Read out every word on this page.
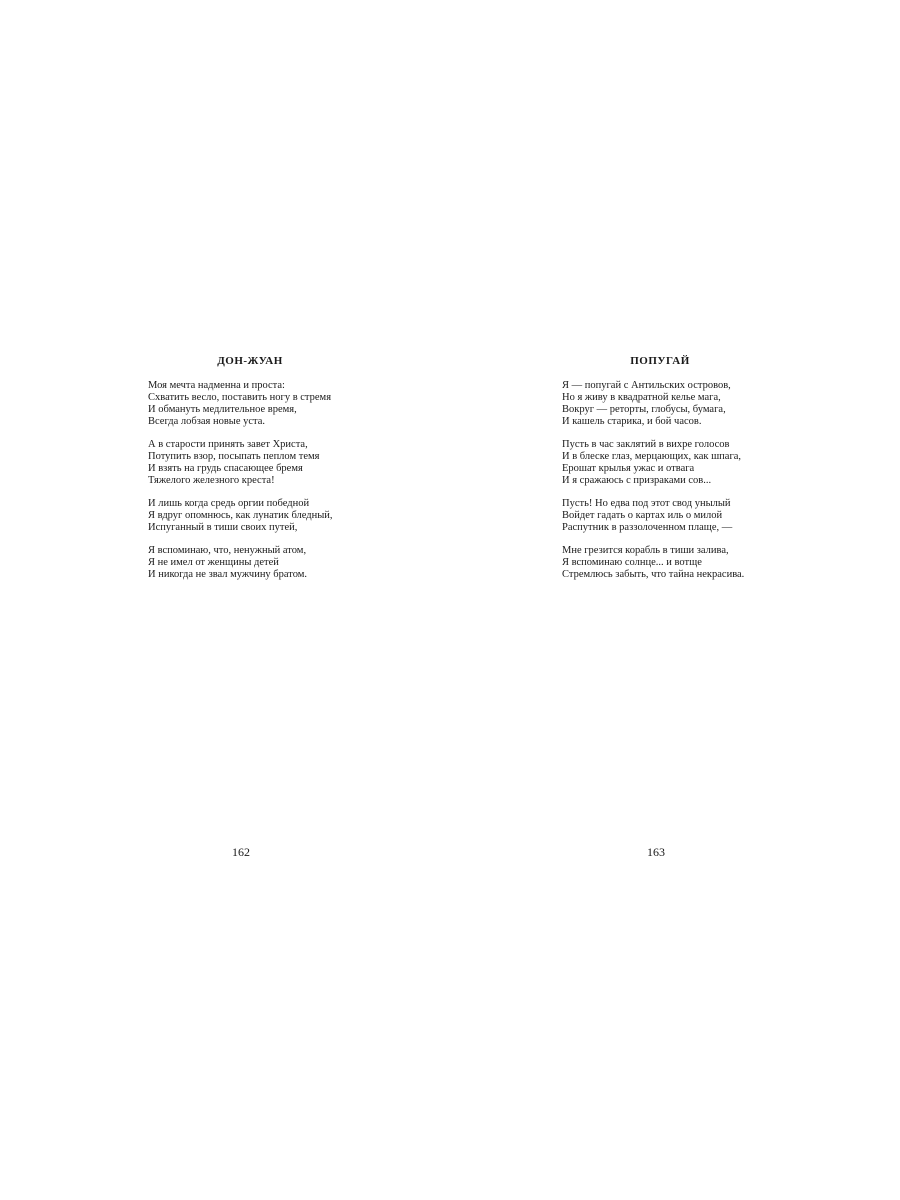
ДОН-ЖУАН

Моя мечта надменна и проста:
Схватить весло, поставить ногу в стремя
И обмануть медлительное время,
Всегда лобзая новые уста.

А в старости принять завет Христа,
Потупить взор, посыпать пеплом темя
И взять на грудь спасающее бремя
Тяжелого железного креста!

И лишь когда средь оргии победной
Я вдруг опомнюсь, как лунатик бледный,
Испуганный в тиши своих путей,

Я вспоминаю, что, ненужный атом,
Я не имел от женщины детей
И никогда не звал мужчину братом.

162
ПОПУГАЙ

Я — попугай с Антильских островов,
Но я живу в квадратной келье мага,
Вокруг — реторты, глобусы, бумага,
И кашель старика, и бой часов.

Пусть в час заклятий в вихре голосов
И в блеске глаз, мерцающих, как шпага,
Ерошат крылья ужас и отвага
И я сражаюсь с призраками сов...

Пусть! Но едва под этот свод унылый
Войдет гадать о картах иль о милой
Распутник в раззолоченном плаще, —

Мне грезится корабль в тиши залива,
Я вспоминаю солнце... и вотще
Стремлюсь забыть, что тайна некрасива.

163
